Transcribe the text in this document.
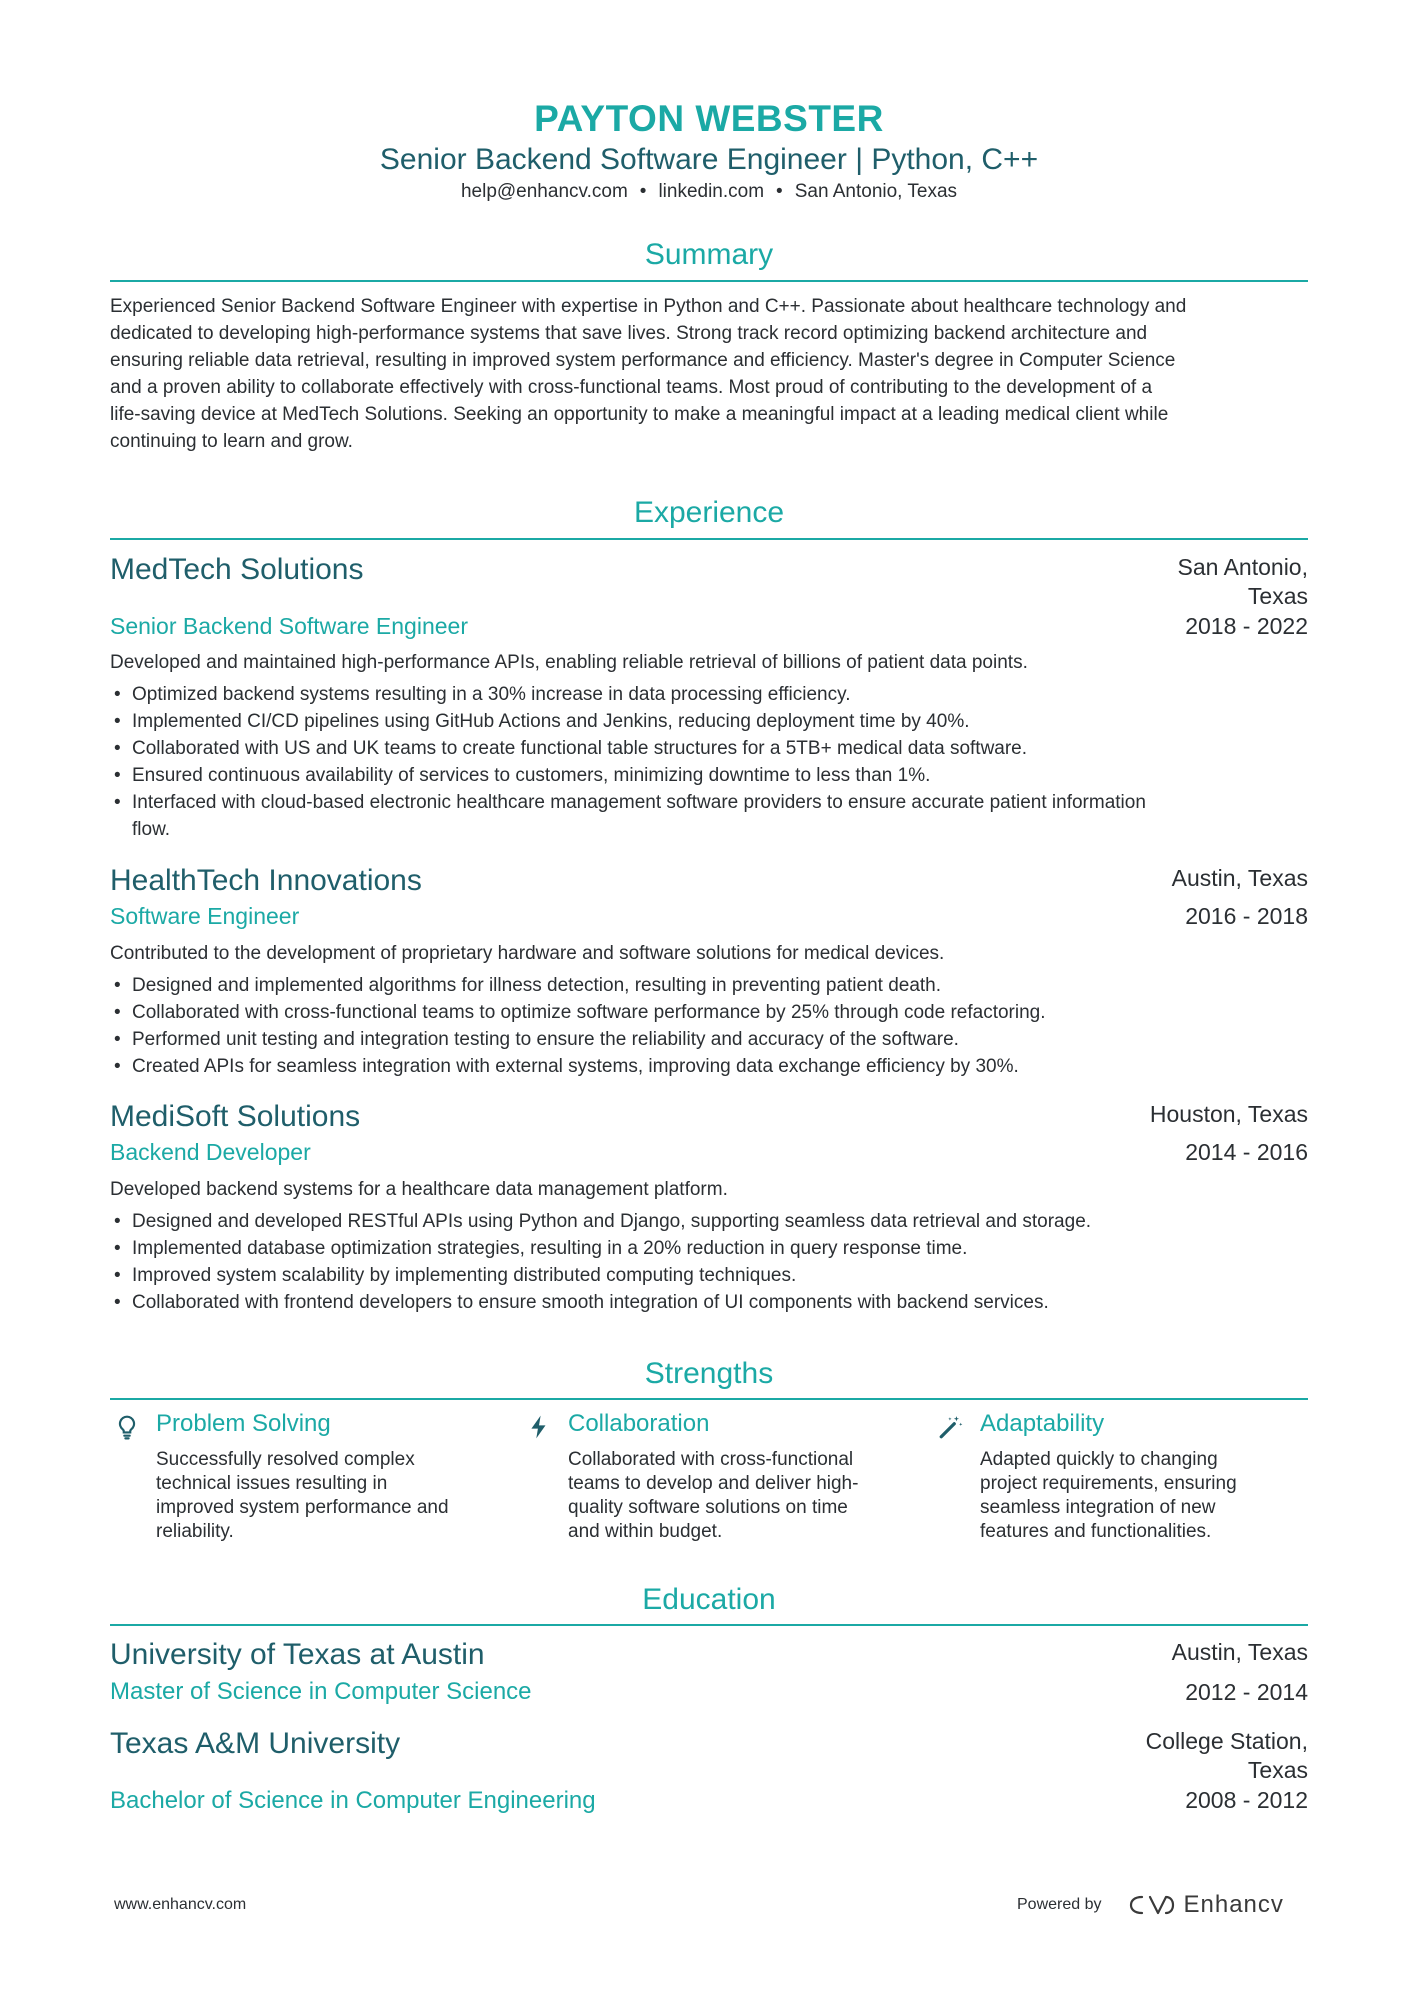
PAYTON WEBSTER
Senior Backend Software Engineer | Python, C++
help@enhancv.com • linkedin.com • San Antonio, Texas
Summary
Experienced Senior Backend Software Engineer with expertise in Python and C++. Passionate about healthcare technology and
dedicated to developing high-performance systems that save lives. Strong track record optimizing backend architecture and
ensuring reliable data retrieval, resulting in improved system performance and efficiency. Master's degree in Computer Science
and a proven ability to collaborate effectively with cross-functional teams. Most proud of contributing to the development of a
life-saving device at MedTech Solutions. Seeking an opportunity to make a meaningful impact at a leading medical client while
continuing to learn and grow.
Experience
MedTech Solutions	San Antonio,
Texas
Senior Backend Software Engineer	2018 - 2022
Developed and maintained high-performance APIs, enabling reliable retrieval of billions of patient data points.
• Optimized backend systems resulting in a 30% increase in data processing efficiency.
• Implemented CI/CD pipelines using GitHub Actions and Jenkins, reducing deployment time by 40%.
• Collaborated with US and UK teams to create functional table structures for a 5TB+ medical data software.
• Ensured continuous availability of services to customers, minimizing downtime to less than 1%.
• Interfaced with cloud-based electronic healthcare management software providers to ensure accurate patient information
flow.
HealthTech Innovations	Austin, Texas
Software Engineer	2016 - 2018
Contributed to the development of proprietary hardware and software solutions for medical devices.
• Designed and implemented algorithms for illness detection, resulting in preventing patient death.
• Collaborated with cross-functional teams to optimize software performance by 25% through code refactoring.
• Performed unit testing and integration testing to ensure the reliability and accuracy of the software.
• Created APIs for seamless integration with external systems, improving data exchange efficiency by 30%.
MediSoft Solutions	Houston, Texas
Backend Developer	2014 - 2016
Developed backend systems for a healthcare data management platform.
• Designed and developed RESTful APIs using Python and Django, supporting seamless data retrieval and storage.
• Implemented database optimization strategies, resulting in a 20% reduction in query response time.
• Improved system scalability by implementing distributed computing techniques.
• Collaborated with frontend developers to ensure smooth integration of UI components with backend services.
Strengths
Problem Solving
Successfully resolved complex
technical issues resulting in
improved system performance and
reliability.
Collaboration
Collaborated with cross-functional
teams to develop and deliver high-
quality software solutions on time
and within budget.
Adaptability
Adapted quickly to changing
project requirements, ensuring
seamless integration of new
features and functionalities.
Education
University of Texas at Austin	Austin, Texas
Master of Science in Computer Science	2012 - 2014
Texas A&M University	College Station,
Texas
Bachelor of Science in Computer Engineering	2008 - 2012
www.enhancv.com	Powered by	Enhancv
